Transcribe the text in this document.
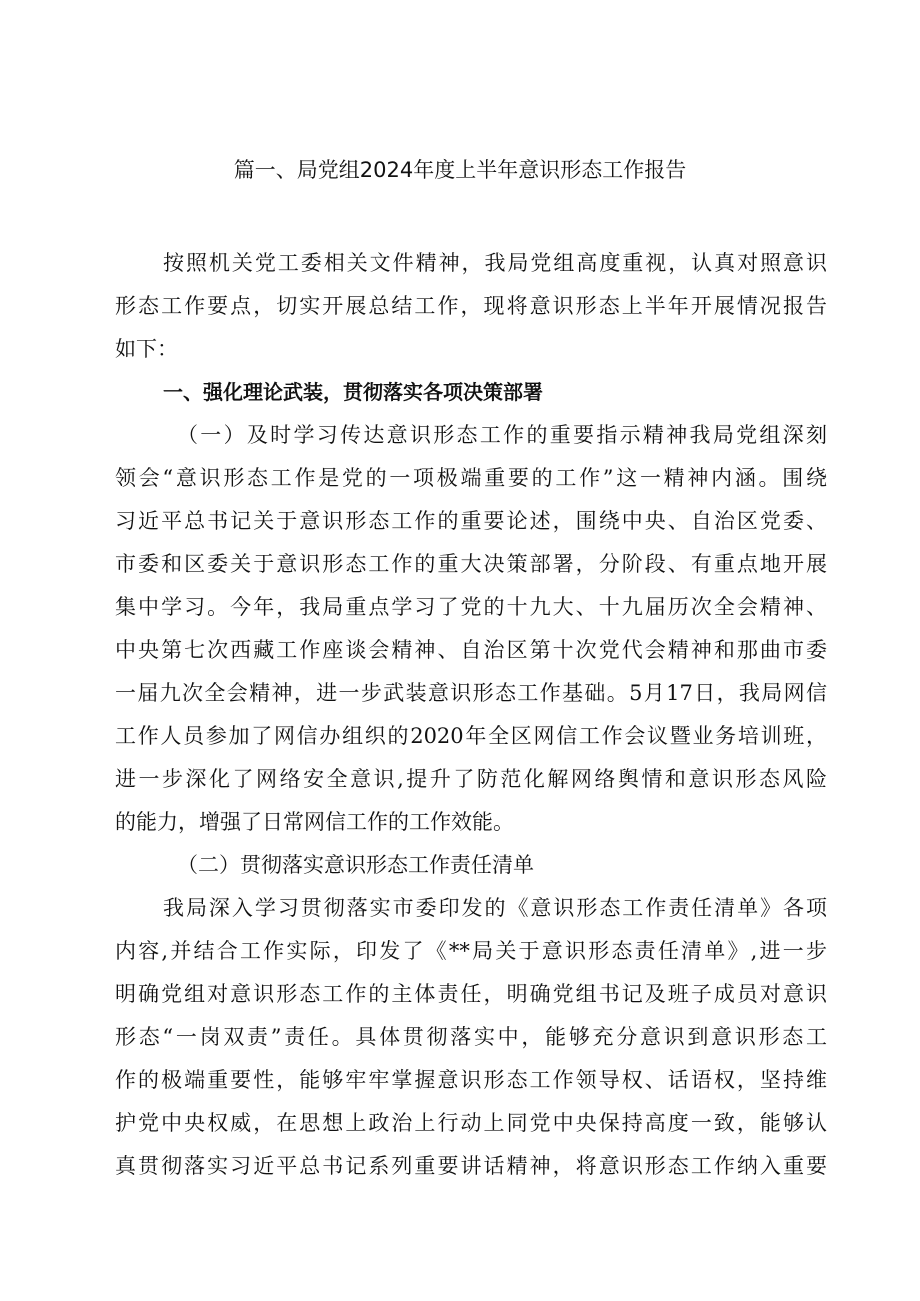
篇一、局党组2024年度上半年意识形态工作报告
按照机关党工委相关文件精神，我局党组高度重视，认真对照意识
形态工作要点，切实开展总结工作，现将意识形态上半年开展情况报告
如下：
一、强化理论武装，贯彻落实各项决策部署
（一）及时学习传达意识形态工作的重要指示精神我局党组深刻
领会“意识形态工作是党的一项极端重要的工作”这一精神内涵。围绕
习近平总书记关于意识形态工作的重要论述，围绕中央、自治区党委、
市委和区委关于意识形态工作的重大决策部署，分阶段、有重点地开展
集中学习。今年，我局重点学习了党的十九大、十九届历次全会精神、
中央第七次西藏工作座谈会精神、自治区第十次党代会精神和那曲市委
一届九次全会精神，进一步武装意识形态工作基础。5月17日，我局网信
工作人员参加了网信办组织的2020年全区网信工作会议暨业务培训班，
进一步深化了网络安全意识,提升了防范化解网络舆情和意识形态风险
的能力，增强了日常网信工作的工作效能。
（二）贯彻落实意识形态工作责任清单
我局深入学习贯彻落实市委印发的《意识形态工作责任清单》各项
内容,并结合工作实际，印发了《**局关于意识形态责任清单》,进一步
明确党组对意识形态工作的主体责任，明确党组书记及班子成员对意识
形态“一岗双责”责任。具体贯彻落实中，能够充分意识到意识形态工
作的极端重要性，能够牢牢掌握意识形态工作领导权、话语权，坚持维
护党中央权威，在思想上政治上行动上同党中央保持高度一致，能够认
真贯彻落实习近平总书记系列重要讲话精神，将意识形态工作纳入重要
